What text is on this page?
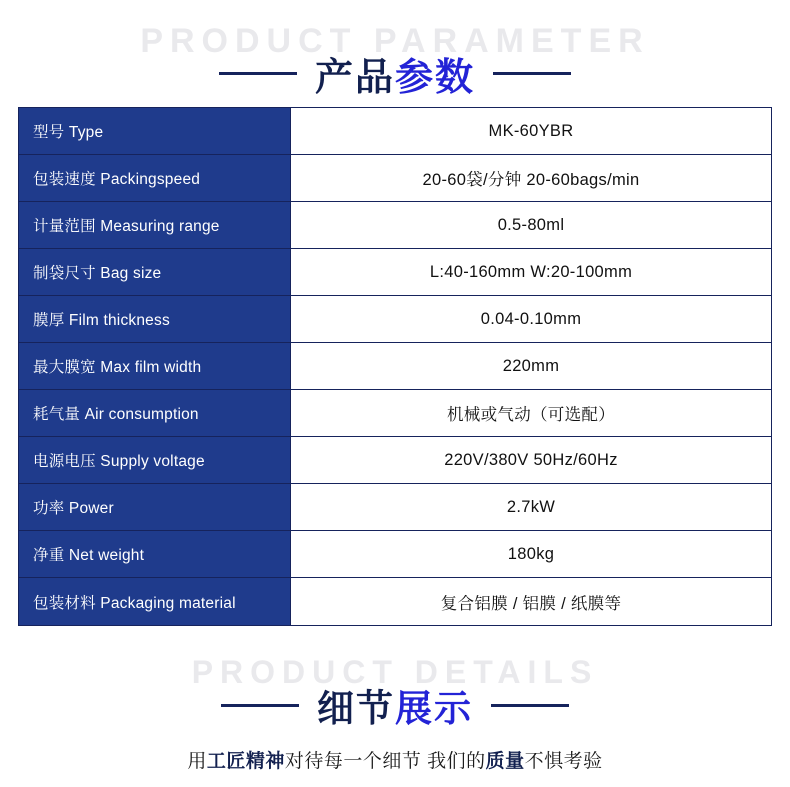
PRODUCT PARAMETER
产品参数
型号 Type	MK-60YBR
包装速度 Packingspeed	20-60袋/分钟 20-60bags/min
计量范围 Measuring range	0.5-80ml
制袋尺寸 Bag size	L:40-160mm W:20-100mm
膜厚 Film thickness	0.04-0.10mm
最大膜宽 Max film width	220mm
耗气量 Air consumption	机械或气动（可选配）
电源电压 Supply voltage	220V/380V 50Hz/60Hz
功率 Power	2.7kW
净重 Net weight	180kg
包装材料 Packaging material	复合铝膜 / 铝膜 / 纸膜等
PRODUCT DETAILS
细节展示
用工匠精神对待每一个细节 我们的质量不惧考验
